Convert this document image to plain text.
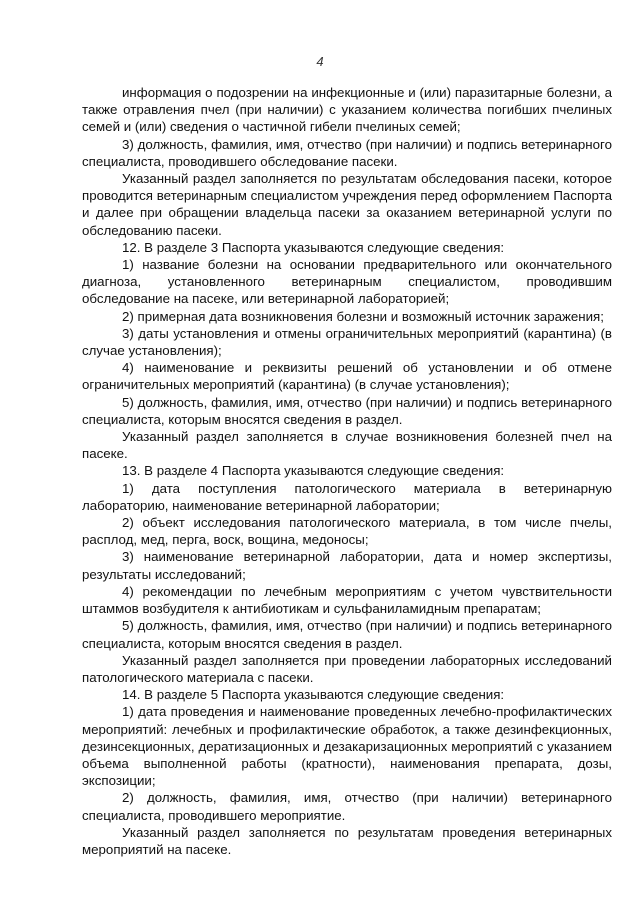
4

информация о подозрении на инфекционные и (или) паразитарные болезни, а также отравления пчел (при наличии) с указанием количества погибших пчелиных семей и (или) сведения о частичной гибели пчелиных семей;

3) должность, фамилия, имя, отчество (при наличии) и подпись ветеринарного специалиста, проводившего обследование пасеки.

Указанный раздел заполняется по результатам обследования пасеки, которое проводится ветеринарным специалистом учреждения перед оформлением Паспорта и далее при обращении владельца пасеки за оказанием ветеринарной услуги по обследованию пасеки.

12. В разделе 3 Паспорта указываются следующие сведения:

1) название болезни на основании предварительного или окончательного диагноза, установленного ветеринарным специалистом, проводившим обследование на пасеке, или ветеринарной лабораторией;

2) примерная дата возникновения болезни и возможный источник заражения;

3) даты установления и отмены ограничительных мероприятий (карантина) (в случае установления);

4) наименование и реквизиты решений об установлении и об отмене ограничительных мероприятий (карантина) (в случае установления);

5) должность, фамилия, имя, отчество (при наличии) и подпись ветеринарного специалиста, которым вносятся сведения в раздел.

Указанный раздел заполняется в случае возникновения болезней пчел на пасеке.

13. В разделе 4 Паспорта указываются следующие сведения:

1) дата поступления патологического материала в ветеринарную лабораторию, наименование ветеринарной лаборатории;

2) объект исследования патологического материала, в том числе пчелы, расплод, мед, перга, воск, вощина, медоносы;

3) наименование ветеринарной лаборатории, дата и номер экспертизы, результаты исследований;

4) рекомендации по лечебным мероприятиям с учетом чувствительности штаммов возбудителя к антибиотикам и сульфаниламидным препаратам;

5) должность, фамилия, имя, отчество (при наличии) и подпись ветеринарного специалиста, которым вносятся сведения в раздел.

Указанный раздел заполняется при проведении лабораторных исследований патологического материала с пасеки.

14. В разделе 5 Паспорта указываются следующие сведения:

1) дата проведения и наименование проведенных лечебно-профилактических мероприятий: лечебных и профилактические обработок, а также дезинфекционных, дезинсекционных, дератизационных и дезакаризационных мероприятий с указанием объема выполненной работы (кратности), наименования препарата, дозы, экспозиции;

2) должность, фамилия, имя, отчество (при наличии) ветеринарного специалиста, проводившего мероприятие.

Указанный раздел заполняется по результатам проведения ветеринарных мероприятий на пасеке.
